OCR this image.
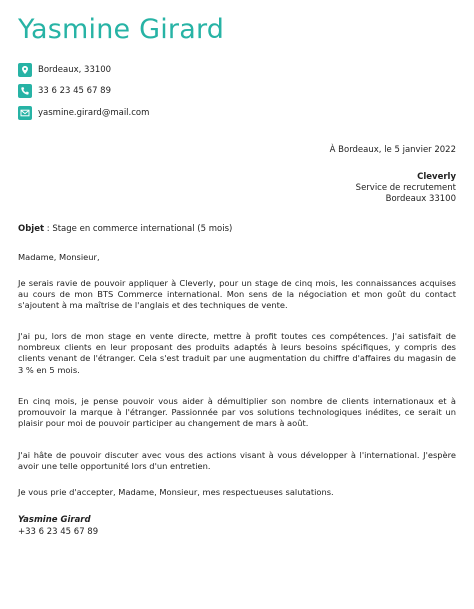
Yasmine Girard
Bordeaux, 33100
33 6 23 45 67 89
yasmine.girard@mail.com
À Bordeaux, le 5 janvier 2022
Cleverly
Service de recrutement
Bordeaux 33100
Objet : Stage en commerce international (5 mois)
Madame, Monsieur,

Je serais ravie de pouvoir appliquer à Cleverly, pour un stage de cinq mois, les connaissances acquises au cours de mon BTS Commerce international. Mon sens de la négociation et mon goût du contact s'ajoutent à ma maîtrise de l'anglais et des techniques de vente.

J'ai pu, lors de mon stage en vente directe, mettre à profit toutes ces compétences. J'ai satisfait de nombreux clients en leur proposant des produits adaptés à leurs besoins spécifiques, y compris des clients venant de l'étranger. Cela s'est traduit par une augmentation du chiffre d'affaires du magasin de 3 % en 5 mois.

En cinq mois, je pense pouvoir vous aider à démultiplier son nombre de clients internationaux et à promouvoir la marque à l'étranger. Passionnée par vos solutions technologiques inédites, ce serait un plaisir pour moi de pouvoir participer au changement de mars à août.

J'ai hâte de pouvoir discuter avec vous des actions visant à vous développer à l'international. J'espère avoir une telle opportunité lors d'un entretien.

Je vous prie d'accepter, Madame, Monsieur, mes respectueuses salutations.

Yasmine Girard
+33 6 23 45 67 89
